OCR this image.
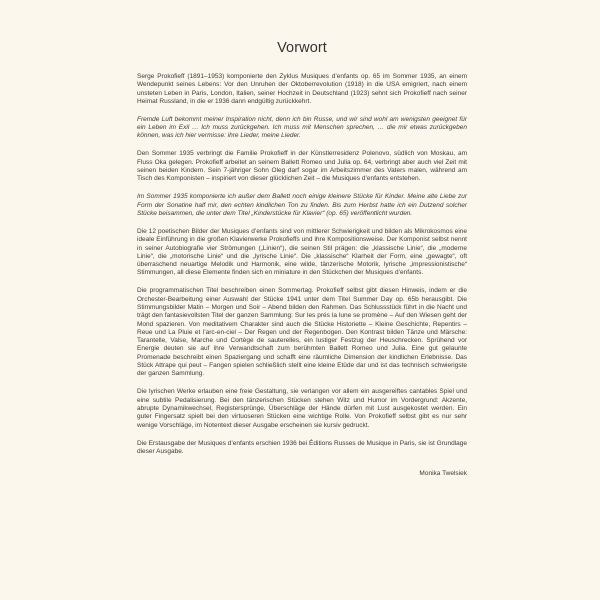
Vorwort

Serge Prokofieff (1891–1953) komponierte den Zyklus Musiques d’enfants op. 65 im Sommer 1935, an einem Wendepunkt seines Lebens: Vor den Unruhen der Oktoberrevolution (1918) in die USA emigriert, nach einem unsteten Leben in Paris, London, Italien, seiner Hochzeit in Deutschland (1923) sehnt sich Prokofieff nach seiner Heimat Russland, in die er 1936 dann endgültig zurückkehrt.

Fremde Luft bekommt meiner Inspiration nicht, denn ich bin Russe, und wir sind wohl am wenigsten geeignet für ein Leben im Exil … Ich muss zurückgehen. Ich muss mit Menschen sprechen, … die mir etwas zurückgeben können, was ich hier vermisse: ihre Lieder, meine Lieder.

Den Sommer 1935 verbringt die Familie Prokofieff in der Künstlerresidenz Polenovo, südlich von Moskau, am Fluss Oka gelegen. Prokofieff arbeitet an seinem Ballett Romeo und Julia op. 64, verbringt aber auch viel Zeit mit seinen beiden Kindern. Sein 7-jähriger Sohn Oleg darf sogar im Arbeitszimmer des Vaters malen, während am Tisch des Komponisten – inspiriert von dieser glücklichen Zeit – die Musiques d’enfants entstehen.

Im Sommer 1935 komponierte ich außer dem Ballett noch einige kleinere Stücke für Kinder. Meine alte Liebe zur Form der Sonatine half mir, den echten kindlichen Ton zu finden. Bis zum Herbst hatte ich ein Dutzend solcher Stücke beisammen, die unter dem Titel „Kinderstücke für Klavier“ (op. 65) veröffentlicht wurden.

Die 12 poetischen Bilder der Musiques d’enfants sind von mittlerer Schwierigkeit und bilden als Mikrokosmos eine ideale Einführung in die großen Klavierwerke Prokofieffs und ihre Kompositionsweise. Der Komponist selbst nennt in seiner Autobiografie vier Strömungen („Linien“), die seinen Stil prägen: die „klassische Linie“, die „moderne Linie“, die „motorische Linie“ und die „lyrische Linie“. Die „klassische“ Klarheit der Form, eine „gewagte“, oft überraschend neuartige Melodik und Harmonik, eine wilde, tänzerische Motorik, lyrische „impressionistische“ Stimmungen, all diese Elemente finden sich en miniature in den Stückchen der Musiques d’enfants.

Die programmatischen Titel beschreiben einen Sommertag. Prokofieff selbst gibt diesen Hinweis, indem er die Orchester-Bearbeitung einer Auswahl der Stücke 1941 unter dem Titel Summer Day op. 65b herausgibt. Die Stimmungsbilder Matin – Morgen und Soir – Abend bilden den Rahmen. Das Schlussstück führt in die Nacht und trägt den fantasievollsten Titel der ganzen Sammlung: Sur les prés la lune se promène – Auf den Wiesen geht der Mond spazieren. Von meditativem Charakter sind auch die Stücke Historiette – Kleine Geschichte, Repentirs – Reue und La Pluie et l’arc-en-ciel – Der Regen und der Regenbogen. Den Kontrast bilden Tänze und Märsche: Tarantelle, Valse, Marche und Cortège de sauterelles, ein lustiger Festzug der Heuschrecken. Sprühend vor Energie deuten sie auf ihre Verwandtschaft zum berühmten Ballett Romeo und Julia. Eine gut gelaunte Promenade beschreibt einen Spaziergang und schafft eine räumliche Dimension der kindlichen Erlebnisse. Das Stück Attrape qui peut – Fangen spielen schließlich stellt eine kleine Etüde dar und ist das technisch schwierigste der ganzen Sammlung.

Die lyrischen Werke erlauben eine freie Gestaltung, sie verlangen vor allem ein ausgereiftes cantables Spiel und eine subtile Pedalisierung. Bei den tänzerischen Stücken stehen Witz und Humor im Vordergrund: Akzente, abrupte Dynamikwechsel, Registersprünge, Überschläge der Hände dürfen mit Lust ausgekostet werden. Ein guter Fingersatz spielt bei den virtuoseren Stücken eine wichtige Rolle. Von Prokofieff selbst gibt es nur sehr wenige Vorschläge, im Notentext dieser Ausgabe erscheinen sie kursiv gedruckt.

Die Erstausgabe der Musiques d’enfants erschien 1936 bei Éditions Russes de Musique in Paris, sie ist Grundlage dieser Ausgabe.

Monika Twelsiek
